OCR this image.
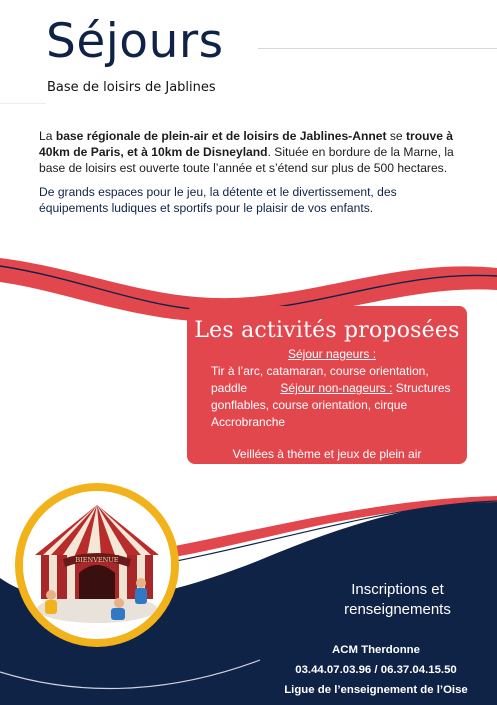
Séjours
Base de loisirs de Jablines

La base régionale de plein-air et de loisirs de Jablines-Annet se trouve à 40km de Paris, et à 10km de Disneyland. Située en bordure de la Marne, la base de loisirs est ouverte toute l’année et s’étend sur plus de 500 hectares.

De grands espaces pour le jeu, la détente et le divertissement, des équipements ludiques et sportifs pour le plaisir de vos enfants.

Les activités proposées
Séjour nageurs :
Tir à l’arc, catamaran, course orientation, paddle	Séjour non-nageurs : Structures gonflables, course orientation, cirque Accrobranche
Veillées à thème et jeux de plein air
BIENVENUE
Inscriptions et renseignements
ACM Therdonne
03.44.07.03.96 / 06.37.04.15.50
Ligue de l’enseignement de l’Oise
